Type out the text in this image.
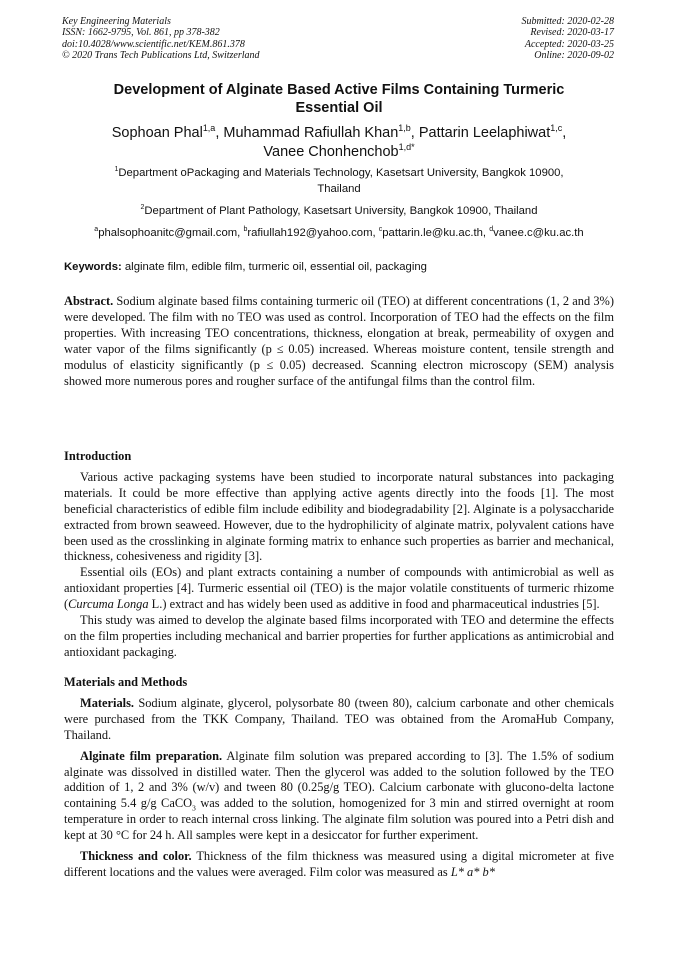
Key Engineering Materials
ISSN: 1662-9795, Vol. 861, pp 378-382
doi:10.4028/www.scientific.net/KEM.861.378
© 2020 Trans Tech Publications Ltd, Switzerland
Submitted: 2020-02-28
Revised: 2020-03-17
Accepted: 2020-03-25
Online: 2020-09-02
Development of Alginate Based Active Films Containing Turmeric
Essential Oil
Sophoan Phal$^{1,a}$, Muhammad Rafiullah Khan$^{1,b}$, Pattarin Leelaphiwat$^{1,c}$,
Vanee Chonhenchob$^{1,d*}$
$^1$Department oPackaging and Materials Technology, Kasetsart University, Bangkok 10900,
Thailand
$^2$Department of Plant Pathology, Kasetsart University, Bangkok 10900, Thailand
$^a$phalsophoanitc@gmail.com, $^b$rafiullah192@yahoo.com, $^c$pattarin.le@ku.ac.th, $^d$vanee.c@ku.ac.th
Keywords: alginate film, edible film, turmeric oil, essential oil, packaging

Abstract. Sodium alginate based films containing turmeric oil (TEO) at different concentrations (1, 2 and 3%) were developed. The film with no TEO was used as control. Incorporation of TEO had the effects on the film properties. With increasing TEO concentrations, thickness, elongation at break, permeability of oxygen and water vapor of the films significantly (p ≤ 0.05) increased. Whereas moisture content, tensile strength and modulus of elasticity significantly (p ≤ 0.05) decreased. Scanning electron microscopy (SEM) analysis showed more numerous pores and rougher surface of the antifungal films than the control film.

Introduction

Various active packaging systems have been studied to incorporate natural substances into packaging materials. It could be more effective than applying active agents directly into the foods [1]. The most beneficial characteristics of edible film include edibility and biodegradability [2]. Alginate is a polysaccharide extracted from brown seaweed. However, due to the hydrophilicity of alginate matrix, polyvalent cations have been used as the crosslinking in alginate forming matrix to enhance such properties as barrier and mechanical, thickness, cohesiveness and rigidity [3].

Essential oils (EOs) and plant extracts containing a number of compounds with antimicrobial as well as antioxidant properties [4]. Turmeric essential oil (TEO) is the major volatile constituents of turmeric rhizome (Curcuma Longa L.) extract and has widely been used as additive in food and pharmaceutical industries [5].

This study was aimed to develop the alginate based films incorporated with TEO and determine the effects on the film properties including mechanical and barrier properties for further applications as antimicrobial and antioxidant packaging.

Materials and Methods

Materials. Sodium alginate, glycerol, polysorbate 80 (tween 80), calcium carbonate and other chemicals were purchased from the TKK Company, Thailand. TEO was obtained from the AromaHub Company, Thailand.

Alginate film preparation. Alginate film solution was prepared according to [3]. The 1.5% of sodium alginate was dissolved in distilled water. Then the glycerol was added to the solution followed by the TEO addition of 1, 2 and 3% (w/v) and tween 80 (0.25g/g TEO). Calcium carbonate with glucono-delta lactone containing 5.4 g/g CaCO$_3$ was added to the solution, homogenized for 3 min and stirred overnight at room temperature in order to reach internal cross linking. The alginate film solution was poured into a Petri dish and kept at 30 °C for 24 h. All samples were kept in a desiccator for further experiment.

Thickness and color. Thickness of the film thickness was measured using a digital micrometer at five different locations and the values were averaged. Film color was measured as L* a* b*
